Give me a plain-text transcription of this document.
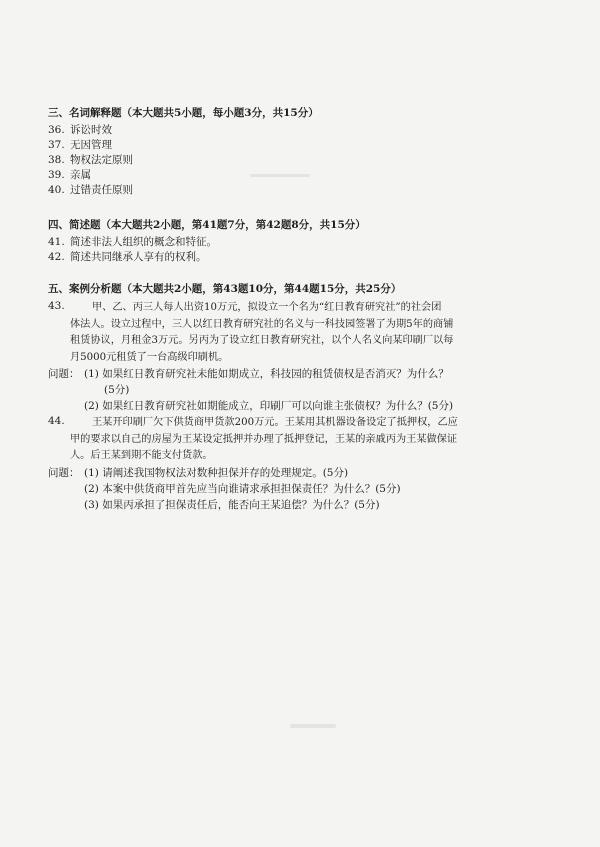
三、名词解释题（本大题共5小题，每小题3分，共15分）
36. 诉讼时效
37. 无因管理
38. 物权法定原则
39. 亲属
40. 过错责任原则
四、简述题（本大题共2小题，第41题7分，第42题8分，共15分）
41. 简述非法人组织的概念和特征。
42. 简述共同继承人享有的权利。
五、案例分析题（本大题共2小题，第43题10分，第44题15分，共25分）
43.	甲、乙、丙三人每人出资10万元，拟设立一个名为“红日教育研究社”的社会团
体法人。设立过程中，三人以红日教育研究社的名义与一科技园签署了为期5年的商铺
租赁协议，月租金3万元。另丙为了设立红日教育研究社，以个人名义向某印刷厂以每
月5000元租赁了一台高级印刷机。
问题： (1) 如果红日教育研究社未能如期成立，科技园的租赁债权是否消灭？为什么？
(5分)
(2) 如果红日教育研究社如期能成立，印刷厂可以向谁主张债权？为什么？(5分)
44.	王某开印刷厂欠下供货商甲货款200万元。王某用其机器设备设定了抵押权，乙应
甲的要求以自己的房屋为王某设定抵押并办理了抵押登记，王某的亲戚丙为王某做保证
人。后王某到期不能支付货款。
问题： (1) 请阐述我国物权法对数种担保并存的处理规定。(5分)
(2) 本案中供货商甲首先应当向谁请求承担担保责任？为什么？(5分)
(3) 如果丙承担了担保责任后，能否向王某追偿？为什么？(5分)
